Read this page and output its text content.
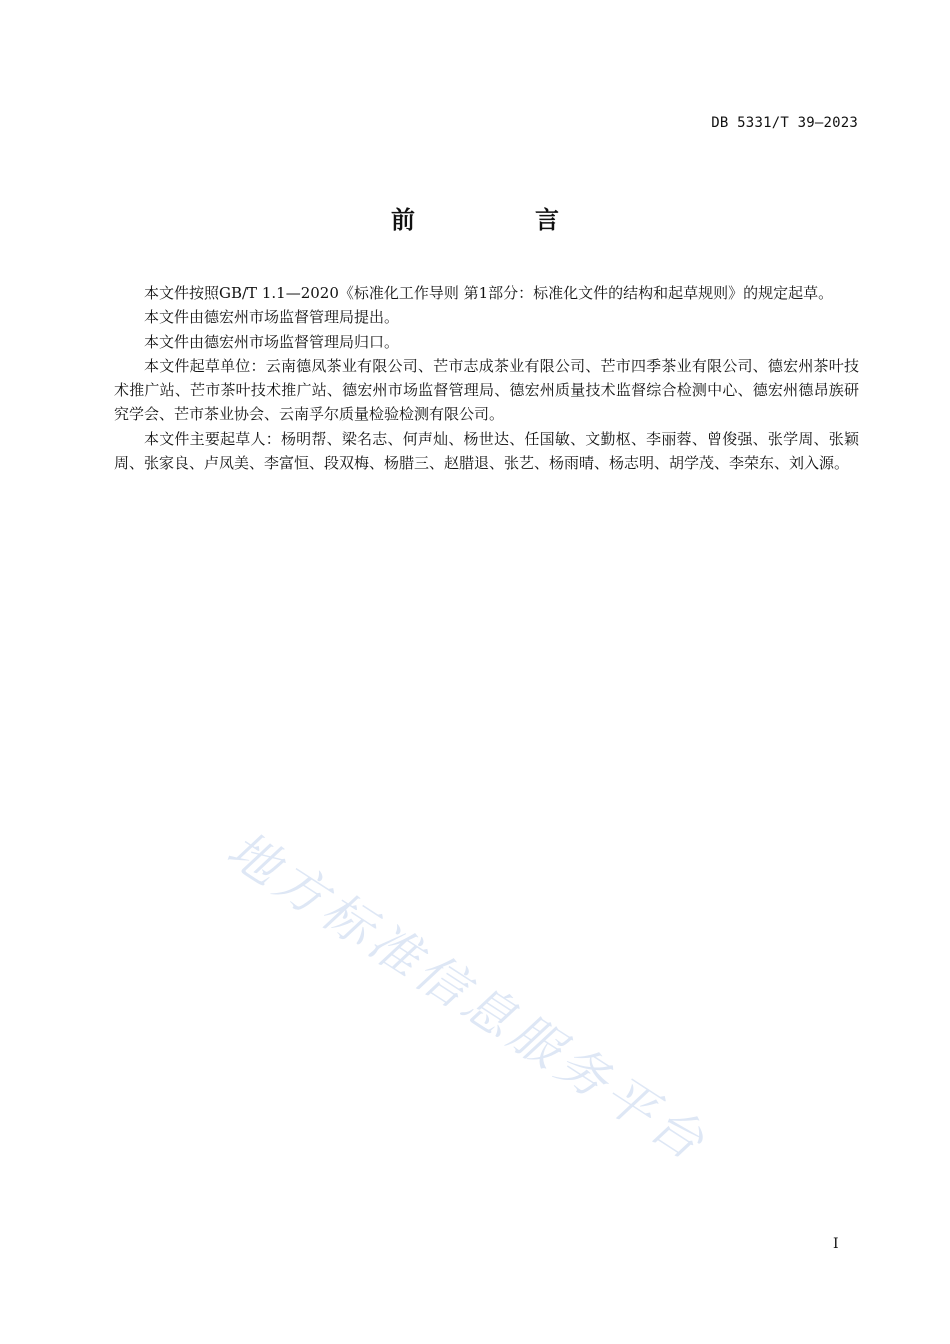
DB 5331/T 39—2023
前　言

本文件按照GB/T 1.1—2020《标准化工作导则 第1部分：标准化文件的结构和起草规则》的规定起草。

本文件由德宏州市场监督管理局提出。

本文件由德宏州市场监督管理局归口。

本文件起草单位：云南德凤茶业有限公司、芒市志成茶业有限公司、芒市四季茶业有限公司、德宏州茶叶技术推广站、芒市茶叶技术推广站、德宏州市场监督管理局、德宏州质量技术监督综合检测中心、德宏州德昂族研究学会、芒市茶业协会、云南孚尔质量检验检测有限公司。

本文件主要起草人：杨明帮、梁名志、何声灿、杨世达、任国敏、文勤枢、李丽蓉、曾俊强、张学周、张颖周、张家良、卢凤美、李富恒、段双梅、杨腊三、赵腊退、张艺、杨雨晴、杨志明、胡学茂、李荣东、刘入源。

地方标准信息服务平台
I
